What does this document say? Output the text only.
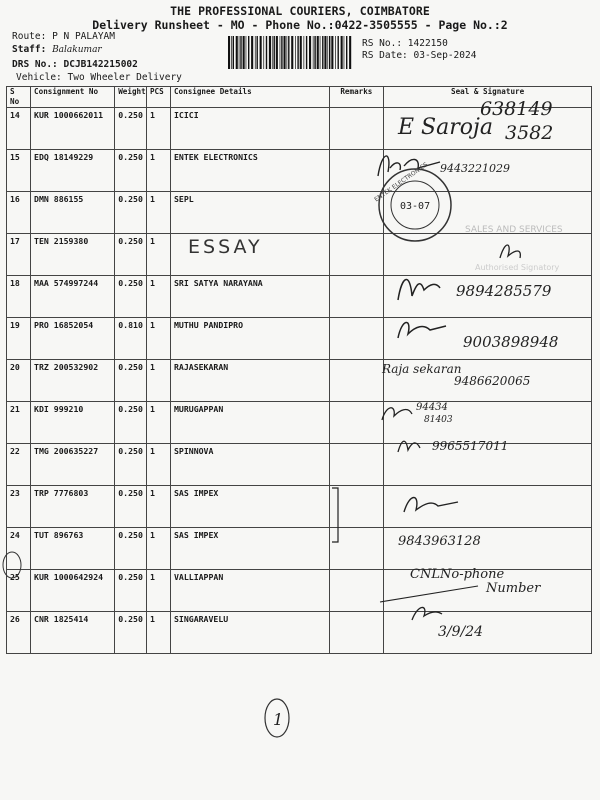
THE PROFESSIONAL COURIERS, COIMBATORE
Delivery Runsheet - MO - Phone No.:0422-3505555 - Page No.:2
Route: P N PALAYAM
Staff: Balakumar
DRS No.: DCJB142215002
Vehicle: Two Wheeler Delivery
RS No.: 1422150
RS Date: 03-Sep-2024
S No	Consignment No	Weight	PCS	Consignee Details	Remarks	Seal & Signature
14	KUR 1000662011	0.250	1	ICICI		
15	EDQ 18149229	0.250	1	ENTEK ELECTRONICS		
16	DMN 886155	0.250	1	SEPL		
17	TEN 2159380	0.250	1			
18	MAA 574997244	0.250	1	SRI SATYA NARAYANA		
19	PRO 16852054	0.810	1	MUTHU PANDIPRO		
20	TRZ 200532902	0.250	1	RAJASEKARAN		
21	KDI 999210	0.250	1	MURUGAPPAN		
22	TMG 200635227	0.250	1	SPINNOVA		
23	TRP 7776803	0.250	1	SAS IMPEX		
24	TUT 896763	0.250	1	SAS IMPEX		
25	KUR 1000642924	0.250	1	VALLIAPPAN		
26	CNR 1825414	0.250	1	SINGARAVELU		
638149
E Saroja 3582
9443221029
03-07
ENTEK ELECTRONICS
SALES AND SERVICES
Authorised Signatory
ESSAY
9894285579
9003898948
Raja sekaran
9486620065
94434
81403
9965517011
9843963128
CNL No-phone
Number
3/9/24
1
